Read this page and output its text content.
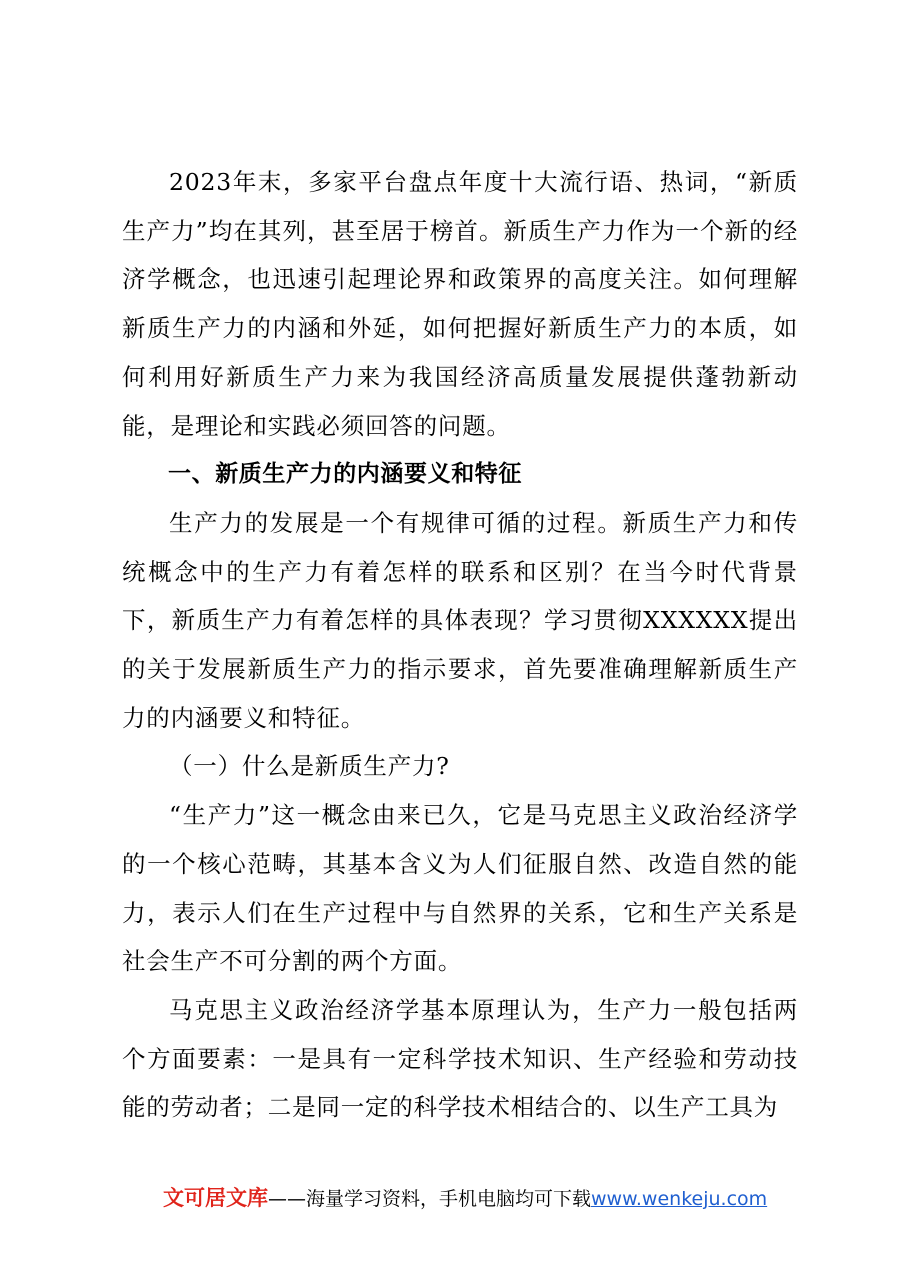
2023年末，多家平台盘点年度十大流行语、热词，“新质生产力”均在其列，甚至居于榜首。新质生产力作为一个新的经济学概念，也迅速引起理论界和政策界的高度关注。如何理解新质生产力的内涵和外延，如何把握好新质生产力的本质，如何利用好新质生产力来为我国经济高质量发展提供蓬勃新动能，是理论和实践必须回答的问题。

一、新质生产力的内涵要义和特征

生产力的发展是一个有规律可循的过程。新质生产力和传统概念中的生产力有着怎样的联系和区别？在当今时代背景下，新质生产力有着怎样的具体表现？学习贯彻XXXXXX提出的关于发展新质生产力的指示要求，首先要准确理解新质生产力的内涵要义和特征。

（一）什么是新质生产力?

“生产力”这一概念由来已久，它是马克思主义政治经济学的一个核心范畴，其基本含义为人们征服自然、改造自然的能力，表示人们在生产过程中与自然界的关系，它和生产关系是社会生产不可分割的两个方面。

马克思主义政治经济学基本原理认为，生产力一般包括两个方面要素：一是具有一定科学技术知识、生产经验和劳动技能的劳动者；二是同一定的科学技术相结合的、以生产工具为

文可居文库——海量学习资料，手机电脑均可下载www.wenkeju.com
